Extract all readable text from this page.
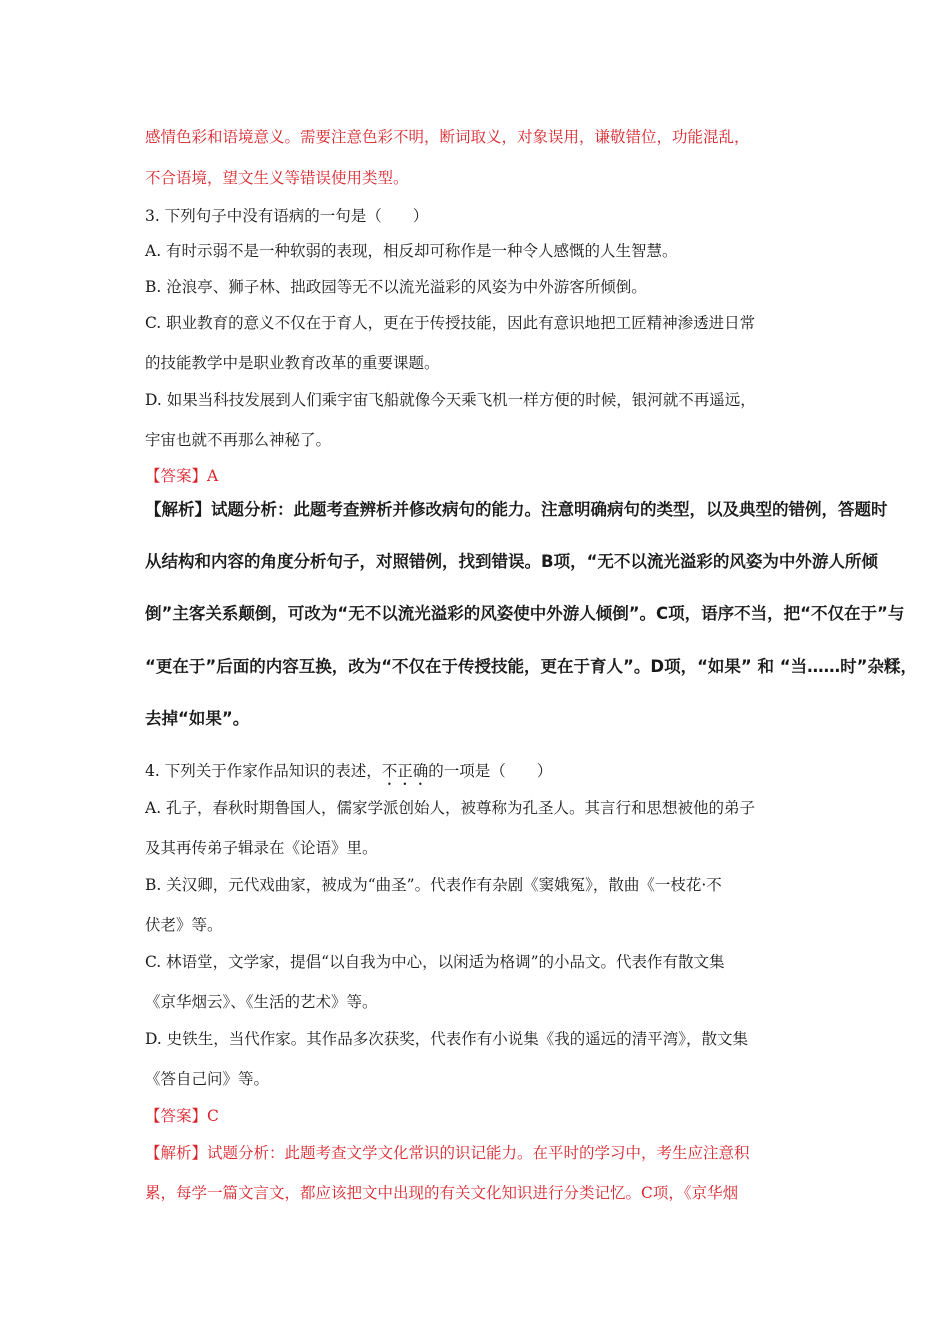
感情色彩和语境意义。需要注意色彩不明，断词取义，对象误用，谦敬错位，功能混乱，
不合语境，望文生义等错误使用类型。
3. 下列句子中没有语病的一句是（　　）
A. 有时示弱不是一种软弱的表现，相反却可称作是一种令人感慨的人生智慧。
B. 沧浪亭、狮子林、拙政园等无不以流光溢彩的风姿为中外游客所倾倒。
C. 职业教育的意义不仅在于育人，更在于传授技能，因此有意识地把工匠精神渗透进日常
的技能教学中是职业教育改革的重要课题。
D. 如果当科技发展到人们乘宇宙飞船就像今天乘飞机一样方便的时候，银河就不再遥远，
宇宙也就不再那么神秘了。
【答案】A
【解析】试题分析：此题考查辨析并修改病句的能力。注意明确病句的类型，以及典型的错例，答题时
从结构和内容的角度分析句子，对照错例，找到错误。B项，“无不以流光溢彩的风姿为中外游人所倾
倒”主客关系颠倒，可改为“无不以流光溢彩的风姿使中外游人倾倒”。C项，语序不当，把“不仅在于”与
“更在于”后面的内容互换，改为“不仅在于传授技能，更在于育人”。D项，“如果” 和 “当……时”杂糅，
去掉“如果”。
4. 下列关于作家作品知识的表述，不正确的一项是（　　）
A. 孔子，春秋时期鲁国人，儒家学派创始人，被尊称为孔圣人。其言行和思想被他的弟子
及其再传弟子辑录在《论语》里。
B. 关汉卿，元代戏曲家，被成为“曲圣”。代表作有杂剧《窦娥冤》，散曲《一枝花·不
伏老》等。
C. 林语堂，文学家，提倡“以自我为中心，以闲适为格调”的小品文。代表作有散文集
《京华烟云》、《生活的艺术》等。
D. 史铁生，当代作家。其作品多次获奖，代表作有小说集《我的遥远的清平湾》，散文集
《答自己问》等。
【答案】C
【解析】试题分析：此题考查文学文化常识的识记能力。在平时的学习中，考生应注意积
累，每学一篇文言文，都应该把文中出现的有关文化知识进行分类记忆。C项，《京华烟
